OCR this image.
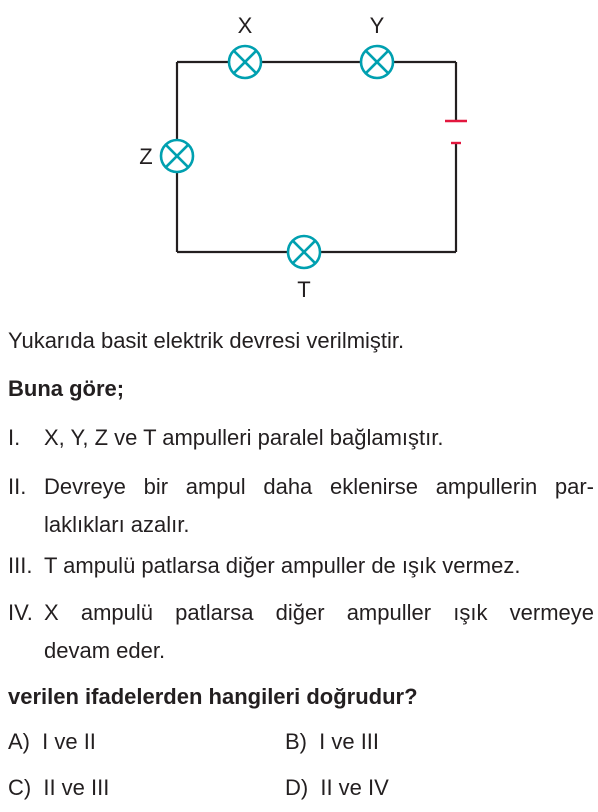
X	Y
Z
T
Yukarıda basit elektrik devresi verilmiştir.
Buna göre;
I. X, Y, Z ve T ampulleri paralel bağlamıştır.
II. Devreye bir ampul daha eklenirse ampullerin par-
laklıkları azalır.
III. T ampulü patlarsa diğer ampuller de ışık vermez.
IV. X ampulü patlarsa diğer ampuller ışık vermeye
devam eder.
verilen ifadelerden hangileri doğrudur?
A) I ve II	B) I ve III
C) II ve III	D) II ve IV
